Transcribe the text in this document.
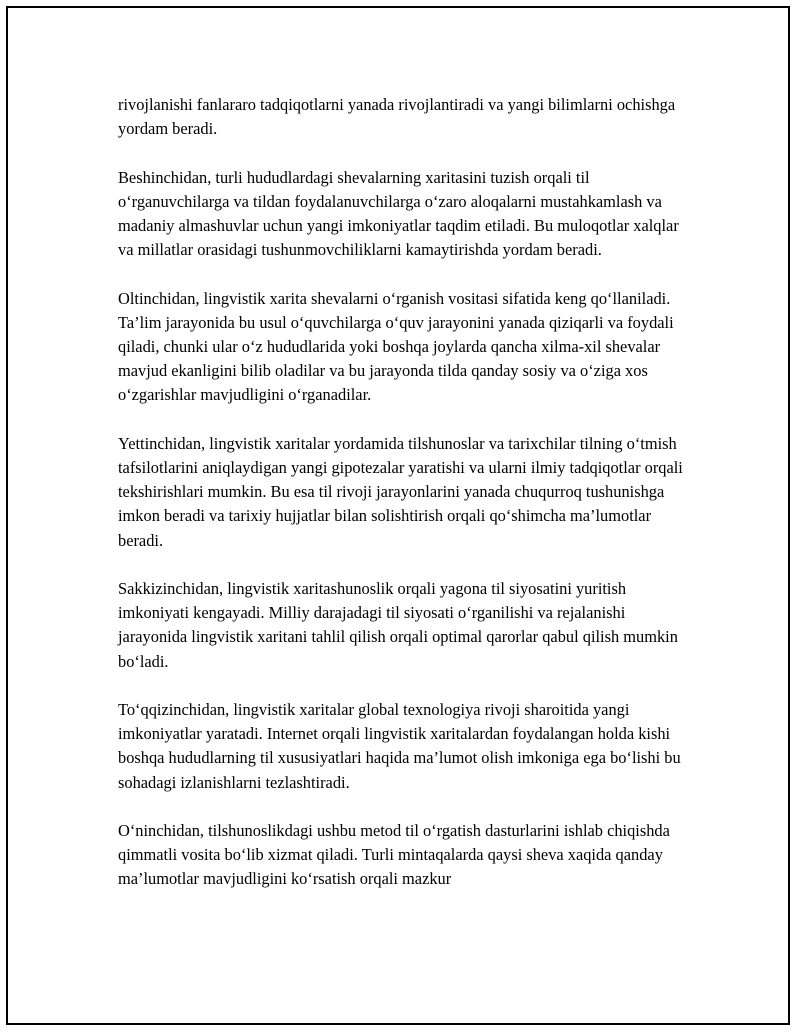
rivojlanishi fanlararo tadqiqotlarni yanada rivojlantiradi va yangi bilimlarni ochishga yordam beradi.

Beshinchidan, turli hududlardagi shevalarning xaritasini tuzish orqali til o‘rganuvchilarga va tildan foydalanuvchilarga o‘zaro aloqalarni mustahkamlash va madaniy almashuvlar uchun yangi imkoniyatlar taqdim etiladi. Bu muloqotlar xalqlar va millatlar orasidagi tushunmovchiliklarni kamaytirishda yordam beradi.

Oltinchidan, lingvistik xarita shevalarni o‘rganish vositasi sifatida keng qo‘llaniladi. Ta’lim jarayonida bu usul o‘quvchilarga o‘quv jarayonini yanada qiziqarli va foydali qiladi, chunki ular o‘z hududlarida yoki boshqa joylarda qancha xilma-xil shevalar mavjud ekanligini bilib oladilar va bu jarayonda tilda qanday sosiy va o‘ziga xos o‘zgarishlar mavjudligini o‘rganadilar.

Yettinchidan, lingvistik xaritalar yordamida tilshunoslar va tarixchilar tilning o‘tmish tafsilotlarini aniqlaydigan yangi gipotezalar yaratishi va ularni ilmiy tadqiqotlar orqali tekshirishlari mumkin. Bu esa til rivoji jarayonlarini yanada chuqurroq tushunishga imkon beradi va tarixiy hujjatlar bilan solishtirish orqali qo‘shimcha ma’lumotlar beradi.

Sakkizinchidan, lingvistik xaritashunoslik orqali yagona til siyosatini yuritish imkoniyati kengayadi. Milliy darajadagi til siyosati o‘rganilishi va rejalanishi jarayonida lingvistik xaritani tahlil qilish orqali optimal qarorlar qabul qilish mumkin bo‘ladi.

To‘qqizinchidan, lingvistik xaritalar global texnologiya rivoji sharoitida yangi imkoniyatlar yaratadi. Internet orqali lingvistik xaritalardan foydalangan holda kishi boshqa hududlarning til xususiyatlari haqida ma’lumot olish imkoniga ega bo‘lishi bu sohadagi izlanishlarni tezlashtiradi.

O‘ninchidan, tilshunoslikdagi ushbu metod til o‘rgatish dasturlarini ishlab chiqishda qimmatli vosita bo‘lib xizmat qiladi. Turli mintaqalarda qaysi sheva xaqida qanday ma’lumotlar mavjudligini ko‘rsatish orqali mazkur
